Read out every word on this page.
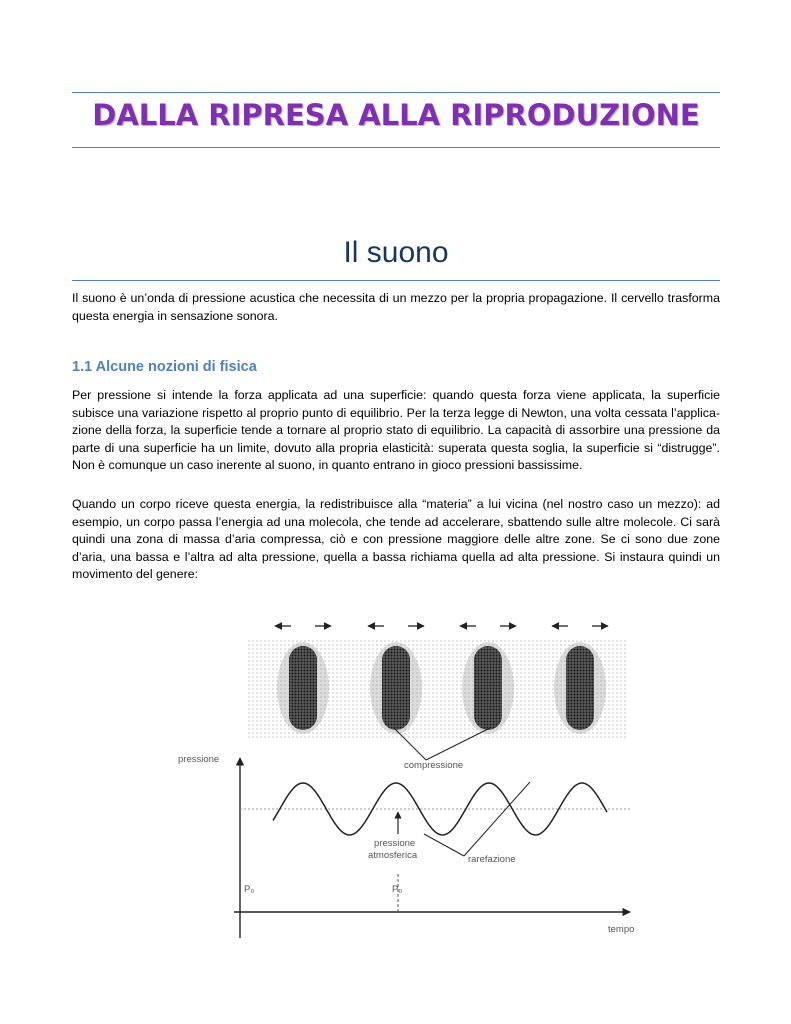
DALLA RIPRESA ALLA RIPRODUZIONE
Il suono
Il suono è un’onda di pressione acustica che necessita di un mezzo per la propria propagazione. Il cervello trasforma questa energia in sensazione sonora.
1.1 Alcune nozioni di fisica
Per pressione si intende la forza applicata ad una superficie: quando questa forza viene applicata, la superficie subisce una variazione rispetto al proprio punto di equilibrio. Per la terza legge di Newton, una volta cessata l’applica- zione della forza, la superficie tende a tornare al proprio stato di equilibrio. La capacità di assorbire una pressione da parte di una superficie ha un limite, dovuto alla propria elasticità: superata questa soglia, la superficie si “distrugge”. Non è comunque un caso inerente al suono, in quanto entrano in gioco pressioni bassissime.
Quando un corpo riceve questa energia, la redistribuisce alla “materia” a lui vicina (nel nostro caso un mezzo): ad esempio, un corpo passa l’energia ad una molecola, che tende ad accelerare, sbattendo sulle altre molecole. Ci sarà quindi una zona di massa d’aria compressa, ciò e con pressione maggiore delle altre zone. Se ci sono due zone d’aria, una bassa e l’altra ad alta pressione, quella a bassa richiama quella ad alta pressione. Si instaura quindi un movimento del genere:
pressione
tempo
compressione
rarefazione
pressione
atmosferica
P₀	P₀
